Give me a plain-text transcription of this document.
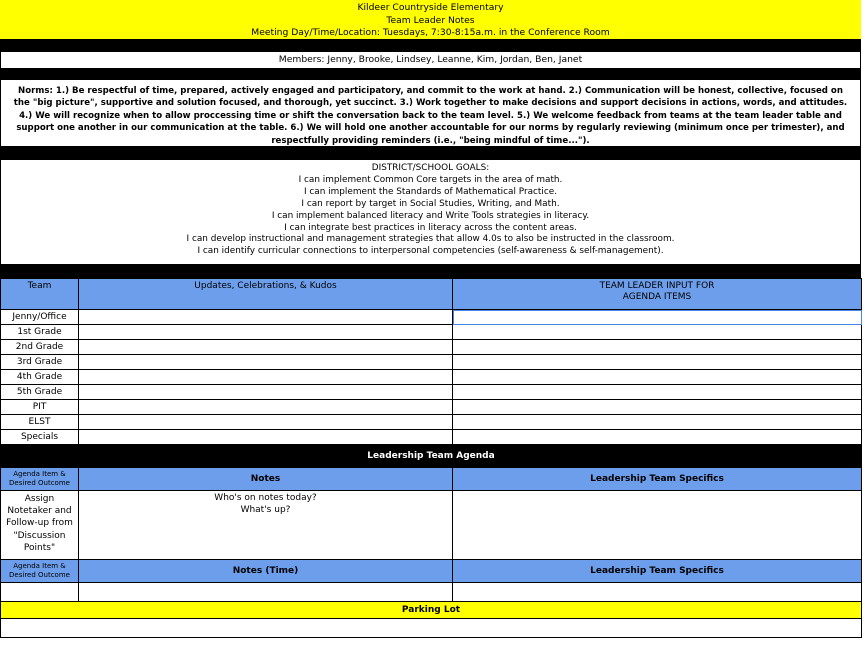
Kildeer Countryside Elementary
Team Leader Notes
Meeting Day/Time/Location: Tuesdays, 7:30-8:15a.m. in the Conference Room
Members: Jenny, Brooke, Lindsey, Leanne, Kim, Jordan, Ben, Janet
Norms: 1.) Be respectful of time, prepared, actively engaged and participatory, and commit to the work at hand. 2.) Communication will be honest, collective, focused on
the "big picture", supportive and solution focused, and thorough, yet succinct. 3.) Work together to make decisions and support decisions in actions, words, and attitudes.
4.) We will recognize when to allow proccessing time or shift the conversation back to the team level. 5.) We welcome feedback from teams at the team leader table and
support one another in our communication at the table. 6.) We will hold one another accountable for our norms by regularly reviewing (minimum once per trimester), and
respectfully providing reminders (i.e., "being mindful of time...").
DISTRICT/SCHOOL GOALS:
I can implement Common Core targets in the area of math.
I can implement the Standards of Mathematical Practice.
I can report by target in Social Studies, Writing, and Math.
I can implement balanced literacy and Write Tools strategies in literacy.
I can integrate best practices in literacy across the content areas.
I can develop instructional and management strategies that allow 4.0s to also be instructed in the classroom.
I can identify curricular connections to interpersonal competencies (self-awareness & self-management).
Team	Updates, Celebrations, & Kudos	TEAM LEADER INPUT FOR
AGENDA ITEMS

Jenny/Office		
1st Grade		
2nd Grade		
3rd Grade		
4th Grade		
5th Grade		
PIT		
ELST		
Specials		
Leadership Team Agenda		

Agenda Item &
Desired Outcome	Notes	Leadership Team Specifics

Assign
Notetaker and
Follow-up from
"Discussion
Points"	Who's on notes today?
What's up?	

Agenda Item &
Desired Outcome	Notes (Time)	Leadership Team Specifics

Parking Lot		
